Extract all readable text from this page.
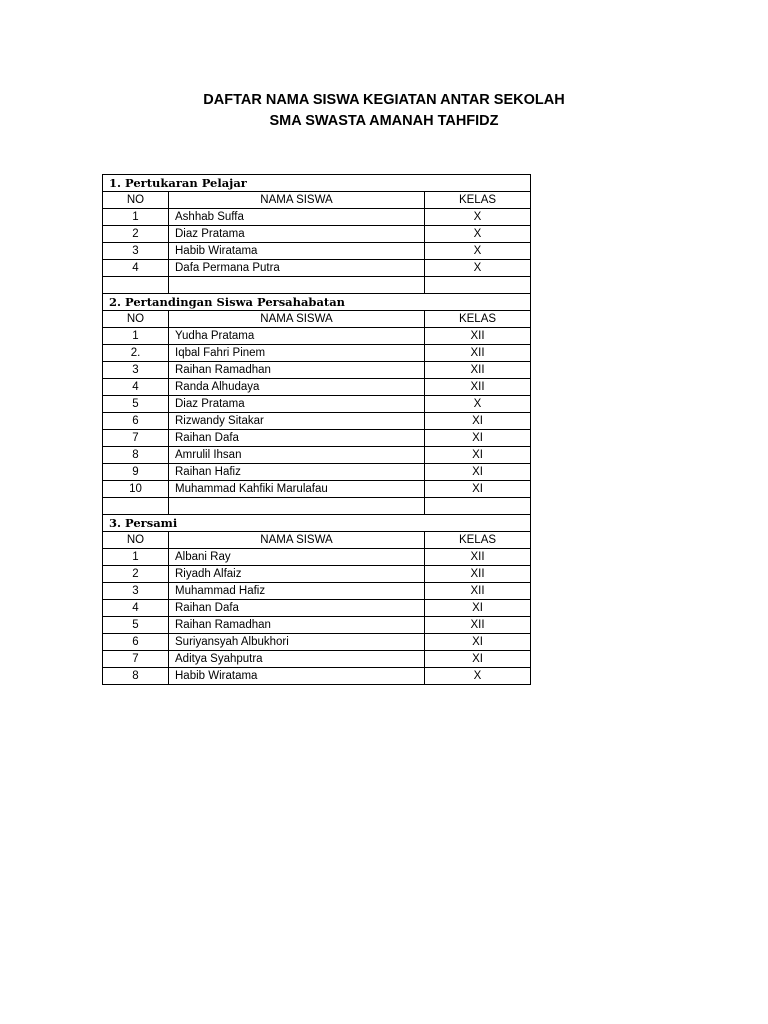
DAFTAR NAMA SISWA KEGIATAN ANTAR SEKOLAH
SMA SWASTA AMANAH TAHFIDZ
1. Pertukaran Pelajar		
NO	NAMA SISWA	KELAS
1	Ashhab Suffa	X
2	Diaz Pratama	X
3	Habib Wiratama	X
4	Dafa Permana Putra	X

2. Pertandingan Siswa Persahabatan		
NO	NAMA SISWA	KELAS
1	Yudha Pratama	XII
2.	Iqbal Fahri Pinem	XII
3	Raihan Ramadhan	XII
4	Randa Alhudaya	XII
5	Diaz Pratama	X
6	Rizwandy Sitakar	XI
7	Raihan Dafa	XI
8	Amrulil Ihsan	XI
9	Raihan Hafiz	XI
10	Muhammad Kahfiki Marulafau	XI

3. Persami		
NO	NAMA SISWA	KELAS
1	Albani Ray	XII
2	Riyadh Alfaiz	XII
3	Muhammad Hafiz	XII
4	Raihan Dafa	XI
5	Raihan Ramadhan	XII
6	Suriyansyah Albukhori	XI
7	Aditya Syahputra	XI
8	Habib Wiratama	X
